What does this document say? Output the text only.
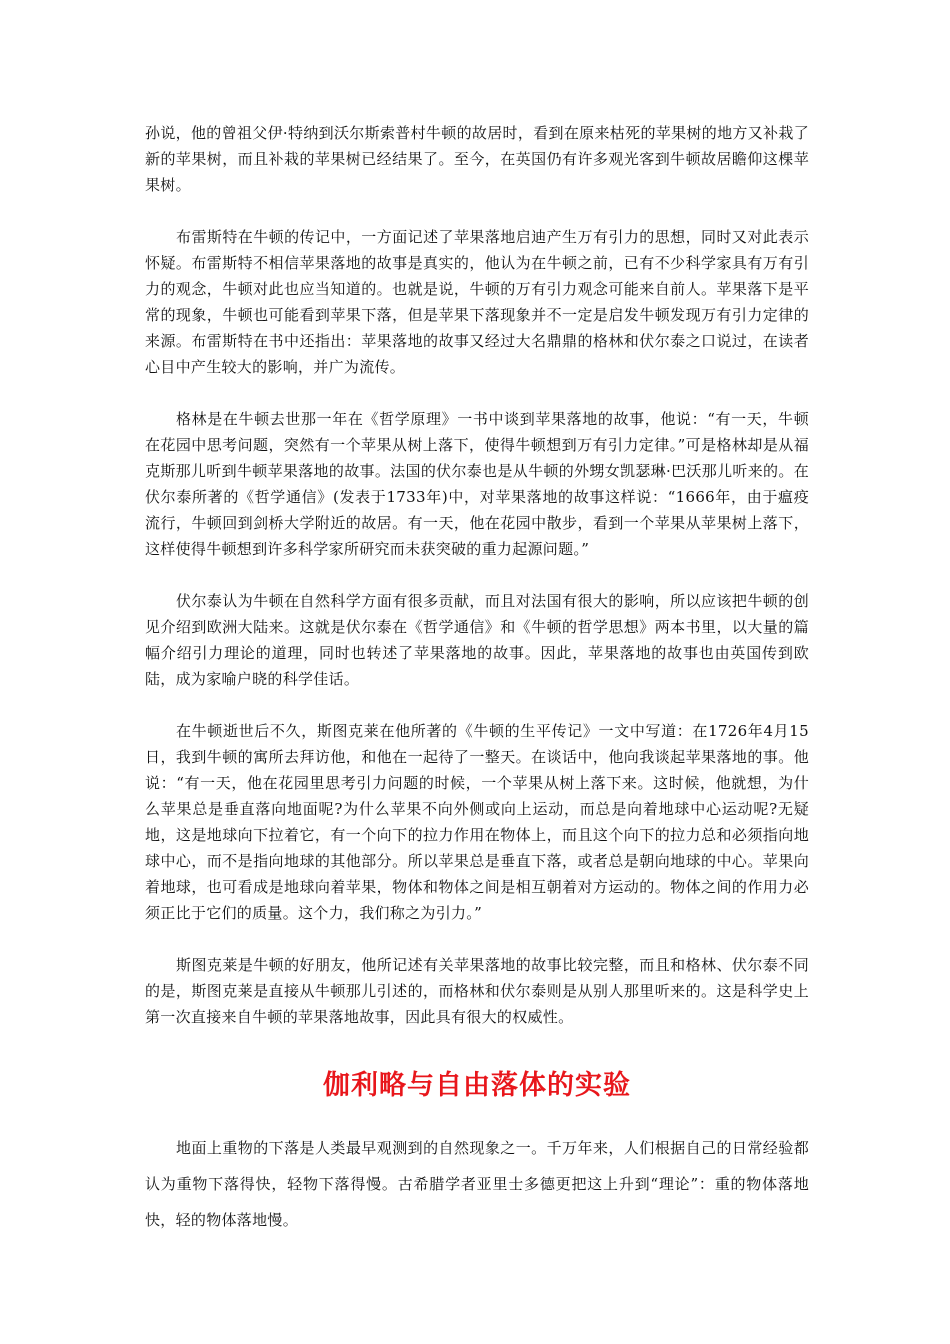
孙说，他的曾祖父伊·特纳到沃尔斯索普村牛顿的故居时，看到在原来枯死的苹果树的地方又补栽了新的苹果树，而且补栽的苹果树已经结果了。至今，在英国仍有许多观光客到牛顿故居瞻仰这棵苹果树。

布雷斯特在牛顿的传记中，一方面记述了苹果落地启迪产生万有引力的思想，同时又对此表示怀疑。布雷斯特不相信苹果落地的故事是真实的，他认为在牛顿之前，已有不少科学家具有万有引力的观念，牛顿对此也应当知道的。也就是说，牛顿的万有引力观念可能来自前人。苹果落下是平常的现象，牛顿也可能看到苹果下落，但是苹果下落现象并不一定是启发牛顿发现万有引力定律的来源。布雷斯特在书中还指出：苹果落地的故事又经过大名鼎鼎的格林和伏尔泰之口说过，在读者心目中产生较大的影响，并广为流传。

格林是在牛顿去世那一年在《哲学原理》一书中谈到苹果落地的故事，他说：“有一天，牛顿在花园中思考问题，突然有一个苹果从树上落下，使得牛顿想到万有引力定律。”可是格林却是从福克斯那儿听到牛顿苹果落地的故事。法国的伏尔泰也是从牛顿的外甥女凯瑟琳·巴沃那儿听来的。在伏尔泰所著的《哲学通信》(发表于1733年)中，对苹果落地的故事这样说：“1666年，由于瘟疫流行，牛顿回到剑桥大学附近的故居。有一天，他在花园中散步，看到一个苹果从苹果树上落下，这样使得牛顿想到许多科学家所研究而未获突破的重力起源问题。”

伏尔泰认为牛顿在自然科学方面有很多贡献，而且对法国有很大的影响，所以应该把牛顿的创见介绍到欧洲大陆来。这就是伏尔泰在《哲学通信》和《牛顿的哲学思想》两本书里，以大量的篇幅介绍引力理论的道理，同时也转述了苹果落地的故事。因此，苹果落地的故事也由英国传到欧陆，成为家喻户晓的科学佳话。

在牛顿逝世后不久，斯图克莱在他所著的《牛顿的生平传记》一文中写道：在1726年4月15日，我到牛顿的寓所去拜访他，和他在一起待了一整天。在谈话中，他向我谈起苹果落地的事。他说：“有一天，他在花园里思考引力问题的时候，一个苹果从树上落下来。这时候，他就想，为什么苹果总是垂直落向地面呢?为什么苹果不向外侧或向上运动，而总是向着地球中心运动呢?无疑地，这是地球向下拉着它，有一个向下的拉力作用在物体上，而且这个向下的拉力总和必须指向地球中心，而不是指向地球的其他部分。所以苹果总是垂直下落，或者总是朝向地球的中心。苹果向着地球，也可看成是地球向着苹果，物体和物体之间是相互朝着对方运动的。物体之间的作用力必须正比于它们的质量。这个力，我们称之为引力。”

斯图克莱是牛顿的好朋友，他所记述有关苹果落地的故事比较完整，而且和格林、伏尔泰不同的是，斯图克莱是直接从牛顿那儿引述的，而格林和伏尔泰则是从别人那里听来的。这是科学史上第一次直接来自牛顿的苹果落地故事，因此具有很大的权威性。

伽利略与自由落体的实验

地面上重物的下落是人类最早观测到的自然现象之一。千万年来，人们根据自己的日常经验都认为重物下落得快，轻物下落得慢。古希腊学者亚里士多德更把这上升到“理论”：重的物体落地快，轻的物体落地慢。
